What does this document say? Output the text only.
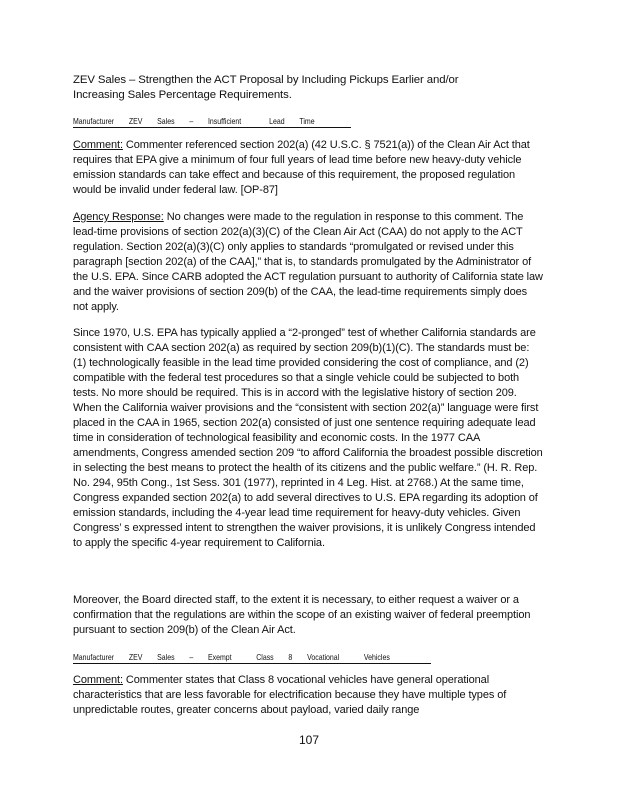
ZEV Sales – Strengthen the ACT Proposal by Including Pickups Earlier and/or
Increasing Sales Percentage Requirements.
Manufacturer ZEV Sales – Insufficient	Lead Time
Comment: Commenter referenced section 202(a) (42 U.S.C. § 7521(a)) of the Clean Air Act that requires that EPA give a minimum of four full years of lead time before new heavy-duty vehicle emission standards can take effect and because of this requirement, the proposed regulation would be invalid under federal law. [OP-87]
Agency Response: No changes were made to the regulation in response to this comment. The lead-time provisions of section 202(a)(3)(C) of the Clean Air Act (CAA) do not apply to the ACT regulation. Section 202(a)(3)(C) only applies to standards “promulgated or revised under this paragraph [section 202(a) of the CAA],” that is, to standards promulgated by the Administrator of the U.S. EPA. Since CARB adopted the ACT regulation pursuant to authority of California state law and the waiver provisions of section 209(b) of the CAA, the lead-time requirements simply does not apply.
Since 1970, U.S. EPA has typically applied a “2-pronged” test of whether California standards are consistent with CAA section 202(a) as required by section 209(b)(1)(C). The standards must be: (1) technologically feasible in the lead time provided considering the cost of compliance, and (2) compatible with the federal test procedures so that a single vehicle could be subjected to both tests. No more should be required. This is in accord with the legislative history of section 209. When the California waiver provisions and the “consistent with section 202(a)” language were first placed in the CAA in 1965, section 202(a) consisted of just one sentence requiring adequate lead time in consideration of technological feasibility and economic costs. In the 1977 CAA amendments, Congress amended section 209 “to afford California the broadest possible discretion in selecting the best means to protect the health of its citizens and the public welfare.” (H. R. Rep. No. 294, 95th Cong., 1st Sess. 301 (1977), reprinted in 4 Leg. Hist. at 2768.) At the same time, Congress expanded section 202(a) to add several directives to U.S. EPA regarding its adoption of emission standards, including the 4-year lead time requirement for heavy-duty vehicles. Given Congress’ s expressed intent to strengthen the waiver provisions, it is unlikely Congress intended to apply the specific 4-year requirement to California.
Moreover, the Board directed staff, to the extent it is necessary, to either request a waiver or a confirmation that the regulations are within the scope of an existing waiver of federal preemption pursuant to section 209(b) of the Clean Air Act.
Manufacturer ZEV Sales – Exempt	Class 8 Vocational	Vehicles
Comment: Commenter states that Class 8 vocational vehicles have general operational characteristics that are less favorable for electrification because they have multiple types of unpredictable routes, greater concerns about payload, varied daily range
107
